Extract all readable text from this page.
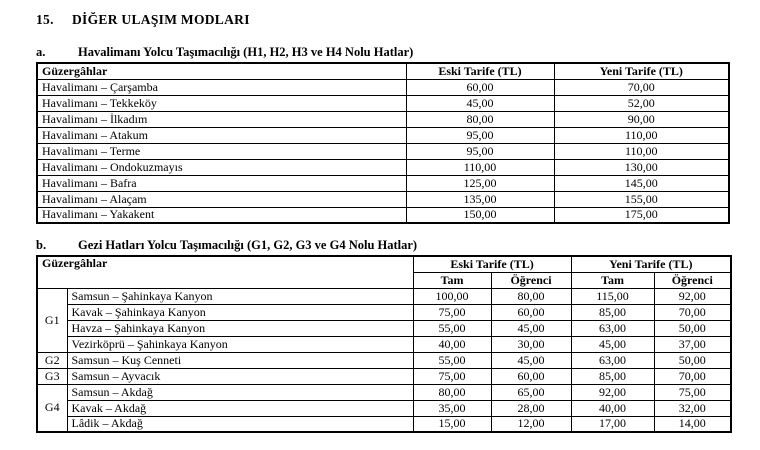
15.	DİĞER ULAŞIM MODLARI
a.	Havalimanı Yolcu Taşımacılığı (H1, H2, H3 ve H4 Nolu Hatlar)
Güzergâhlar	Eski Tarife (TL)	Yeni Tarife (TL)
Havalimanı – Çarşamba	60,00	70,00
Havalimanı – Tekkeköy	45,00	52,00
Havalimanı – İlkadım	80,00	90,00
Havalimanı – Atakum	95,00	110,00
Havalimanı – Terme	95,00	110,00
Havalimanı – Ondokuzmayıs	110,00	130,00
Havalimanı – Bafra	125,00	145,00
Havalimanı – Alaçam	135,00	155,00
Havalimanı – Yakakent	150,00	175,00
b.	Gezi Hatları Yolcu Taşımacılığı (G1, G2, G3 ve G4 Nolu Hatlar)
Güzergâhlar		Eski Tarife (TL)		Yeni Tarife (TL)	
		Tam	Öğrenci	Tam	Öğrenci
G1	Samsun – Şahinkaya Kanyon	100,00	80,00	115,00	92,00
	Kavak – Şahinkaya Kanyon	75,00	60,00	85,00	70,00
	Havza – Şahinkaya Kanyon	55,00	45,00	63,00	50,00
	Vezirköprü – Şahinkaya Kanyon	40,00	30,00	45,00	37,00
G2	Samsun – Kuş Cenneti	55,00	45,00	63,00	50,00
G3	Samsun – Ayvacık	75,00	60,00	85,00	70,00
G4	Samsun – Akdağ	80,00	65,00	92,00	75,00
	Kavak – Akdağ	35,00	28,00	40,00	32,00
	Lâdik – Akdağ	15,00	12,00	17,00	14,00
